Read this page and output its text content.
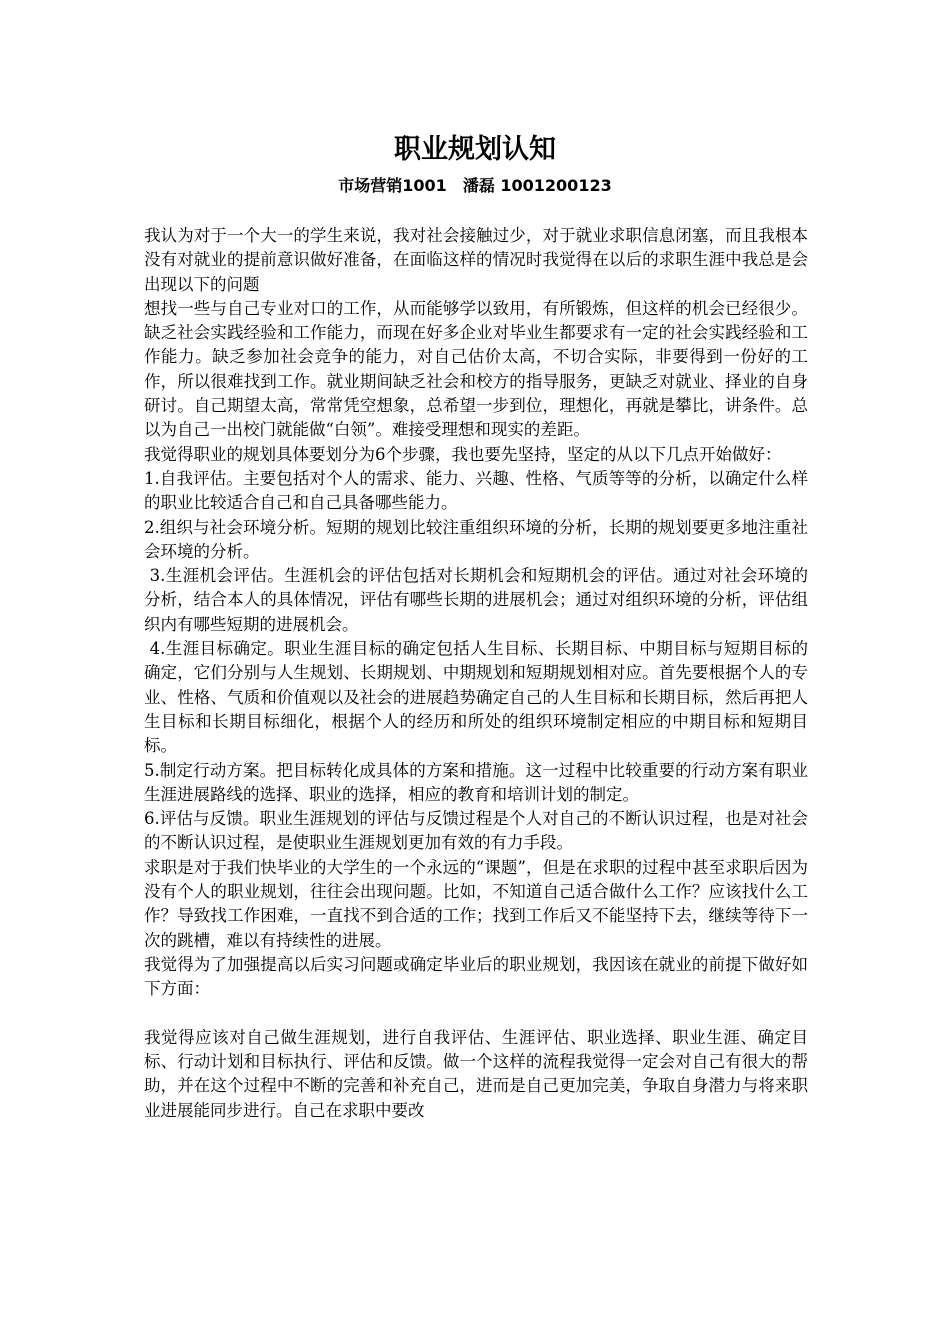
职业规划认知
市场营销1001　潘磊 1001200123

我认为对于一个大一的学生来说，我对社会接触过少，对于就业求职信息闭塞，而且我根本没有对就业的提前意识做好准备，在面临这样的情况时我觉得在以后的求职生涯中我总是会出现以下的问题

想找一些与自己专业对口的工作，从而能够学以致用，有所锻炼，但这样的机会已经很少。缺乏社会实践经验和工作能力，而现在好多企业对毕业生都要求有一定的社会实践经验和工作能力。缺乏参加社会竞争的能力，对自己估价太高，不切合实际，非要得到一份好的工作，所以很难找到工作。就业期间缺乏社会和校方的指导服务，更缺乏对就业、择业的自身研讨。自己期望太高，常常凭空想象，总希望一步到位，理想化，再就是攀比，讲条件。总以为自己一出校门就能做“白领”。难接受理想和现实的差距。

我觉得职业的规划具体要划分为6个步骤，我也要先坚持，坚定的从以下几点开始做好：

1.自我评估。主要包括对个人的需求、能力、兴趣、性格、气质等等的分析，以确定什么样的职业比较适合自己和自己具备哪些能力。

2.组织与社会环境分析。短期的规划比较注重组织环境的分析，长期的规划要更多地注重社会环境的分析。

3.生涯机会评估。生涯机会的评估包括对长期机会和短期机会的评估。通过对社会环境的分析，结合本人的具体情况，评估有哪些长期的进展机会；通过对组织环境的分析，评估组织内有哪些短期的进展机会。

4.生涯目标确定。职业生涯目标的确定包括人生目标、长期目标、中期目标与短期目标的确定，它们分别与人生规划、长期规划、中期规划和短期规划相对应。首先要根据个人的专业、性格、气质和价值观以及社会的进展趋势确定自己的人生目标和长期目标，然后再把人生目标和长期目标细化，根据个人的经历和所处的组织环境制定相应的中期目标和短期目标。

5.制定行动方案。把目标转化成具体的方案和措施。这一过程中比较重要的行动方案有职业生涯进展路线的选择、职业的选择，相应的教育和培训计划的制定。

6.评估与反馈。职业生涯规划的评估与反馈过程是个人对自己的不断认识过程，也是对社会的不断认识过程，是使职业生涯规划更加有效的有力手段。

求职是对于我们快毕业的大学生的一个永远的“课题”，但是在求职的过程中甚至求职后因为没有个人的职业规划，往往会出现问题。比如，不知道自己适合做什么工作？应该找什么工作？导致找工作困难，一直找不到合适的工作；找到工作后又不能坚持下去，继续等待下一次的跳槽，难以有持续性的进展。

我觉得为了加强提高以后实习问题或确定毕业后的职业规划，我因该在就业的前提下做好如下方面：

我觉得应该对自己做生涯规划，进行自我评估、生涯评估、职业选择、职业生涯、确定目标、行动计划和目标执行、评估和反馈。做一个这样的流程我觉得一定会对自己有很大的帮助，并在这个过程中不断的完善和补充自己，进而是自己更加完美，争取自身潜力与将来职业进展能同步进行。自己在求职中要改
